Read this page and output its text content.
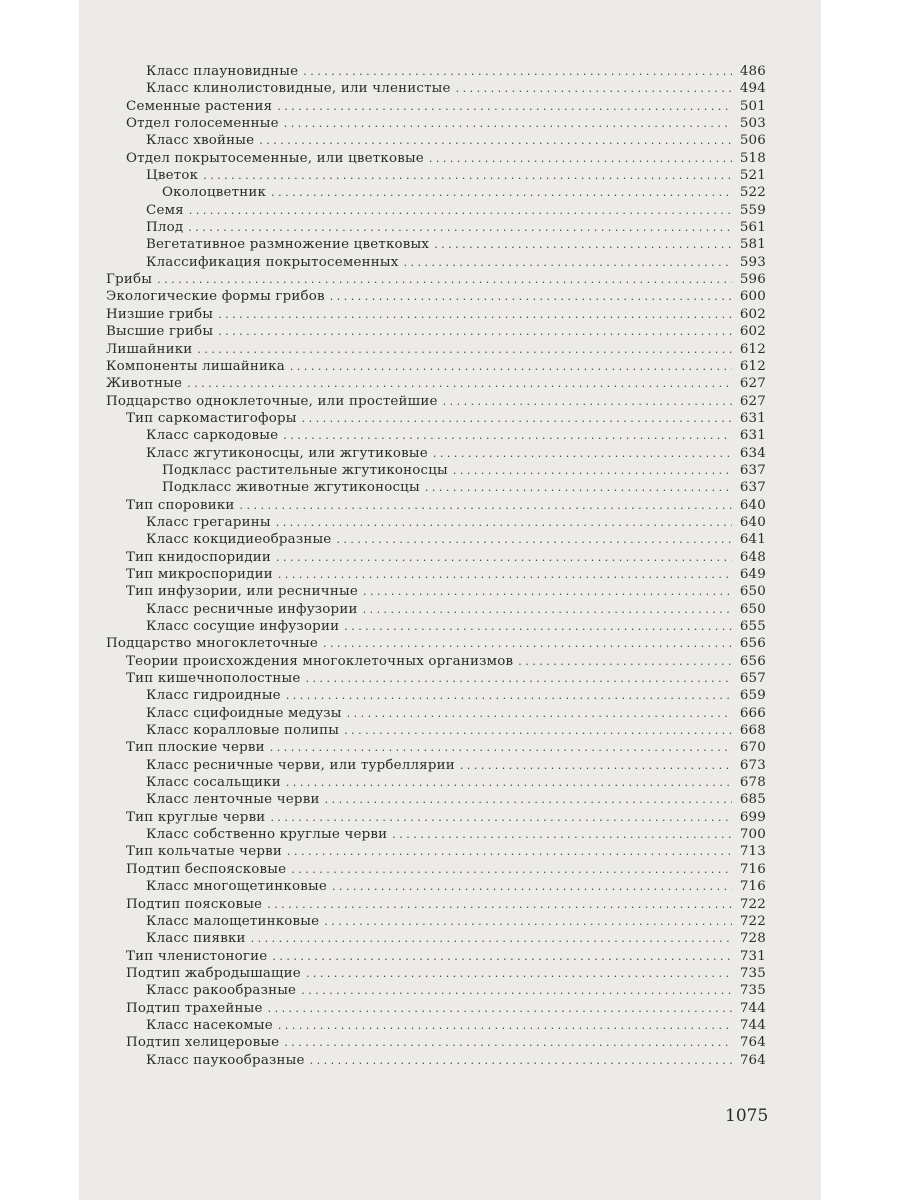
Класс плауновидные . . .	486
Класс клинолистовидные, или членистые . . .	494
Семенные растения . . .	501
Отдел голосеменные . . .	503
Класс хвойные . . .	506
Отдел покрытосеменные, или цветковые . . .	518
Цветок . . .	521
Околоцветник . . .	522
Семя . . .	559
Плод . . .	561
Вегетативное размножение цветковых . . .	581
Классификация покрытосеменных . . .	593
Грибы . . .	596
Экологические формы грибов . . .	600
Низшие грибы . . .	602
Высшие грибы . . .	602
Лишайники . . .	612
Компоненты лишайника . . .	612
Животные . . .	627
Подцарство одноклеточные, или простейшие . . .	627
Тип саркомастигофоры . . .	631
Класс саркодовые . . .	631
Класс жгутиконосцы, или жгутиковые . . .	634
Подкласс растительные жгутиконосцы . . .	637
Подкласс животные жгутиконосцы . . .	637
Тип споровики . . .	640
Класс грегарины . . .	640
Класс кокцидиеобразные . . .	641
Тип книдоспоридии . . .	648
Тип микроспоридии . . .	649
Тип инфузории, или ресничные . . .	650
Класс ресничные инфузории . . .	650
Класс сосущие инфузории . . .	655
Подцарство многоклеточные . . .	656
Теории происхождения многоклеточных организмов . . .	656
Тип кишечнополостные . . .	657
Класс гидроидные . . .	659
Класс сцифоидные медузы . . .	666
Класс коралловые полипы . . .	668
Тип плоские черви . . .	670
Класс ресничные черви, или турбеллярии . . .	673
Класс сосальщики . . .	678
Класс ленточные черви . . .	685
Тип круглые черви . . .	699
Класс собственно круглые черви . . .	700
Тип кольчатые черви . . .	713
Подтип беспоясковые . . .	716
Класс многощетинковые . . .	716
Подтип поясковые . . .	722
Класс малощетинковые . . .	722
Класс пиявки . . .	728
Тип членистоногие . . .	731
Подтип жабродышащие . . .	735
Класс ракообразные . . .	735
Подтип трахейные . . .	744
Класс насекомые . . .	744
Подтип хелицеровые . . .	764
Класс паукообразные . . .	764
1075
